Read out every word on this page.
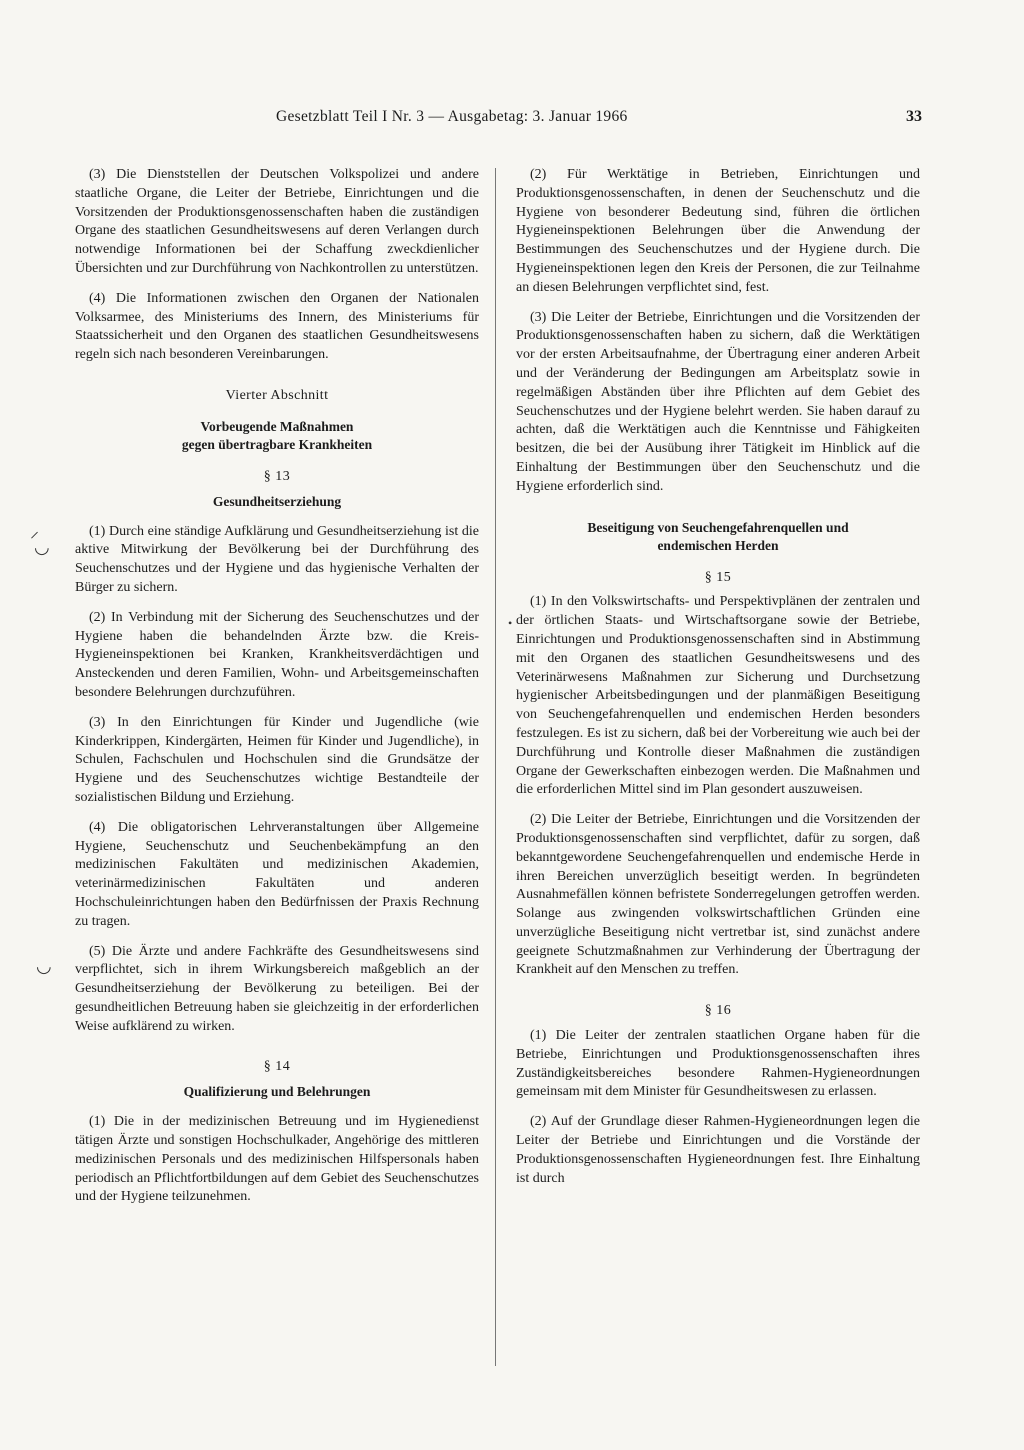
Gesetzblatt Teil I Nr. 3 — Ausgabetag: 3. Januar 1966	33
⸝
◡
◡
•

(3) Die Dienststellen der Deutschen Volkspolizei und andere staatliche Organe, die Leiter der Betriebe, Einrichtungen und die Vorsitzenden der Produktionsgenossenschaften haben die zuständigen Organe des staatlichen Gesundheitswesens auf deren Verlangen durch notwendige Informationen bei der Schaffung zweckdienlicher Übersichten und zur Durchführung von Nachkontrollen zu unterstützen.

(4) Die Informationen zwischen den Organen der Nationalen Volksarmee, des Ministeriums des Innern, des Ministeriums für Staatssicherheit und den Organen des staatlichen Gesundheitswesens regeln sich nach besonderen Vereinbarungen.

Vierter Abschnitt

Vorbeugende Maßnahmen
gegen übertragbare Krankheiten

§ 13

Gesundheitserziehung

(1) Durch eine ständige Aufklärung und Gesundheitserziehung ist die aktive Mitwirkung der Bevölkerung bei der Durchführung des Seuchenschutzes und der Hygiene und das hygienische Verhalten der Bürger zu sichern.

(2) In Verbindung mit der Sicherung des Seuchenschutzes und der Hygiene haben die behandelnden Ärzte bzw. die Kreis-Hygieneinspektionen bei Kranken, Krankheitsverdächtigen und Ansteckenden und deren Familien, Wohn- und Arbeitsgemeinschaften besondere Belehrungen durchzuführen.

(3) In den Einrichtungen für Kinder und Jugendliche (wie Kinderkrippen, Kindergärten, Heimen für Kinder und Jugendliche), in Schulen, Fachschulen und Hochschulen sind die Grundsätze der Hygiene und des Seuchenschutzes wichtige Bestandteile der sozialistischen Bildung und Erziehung.

(4) Die obligatorischen Lehrveranstaltungen über Allgemeine Hygiene, Seuchenschutz und Seuchenbekämpfung an den medizinischen Fakultäten und medizinischen Akademien, veterinärmedizinischen Fakultäten und anderen Hochschuleinrichtungen haben den Bedürfnissen der Praxis Rechnung zu tragen.

(5) Die Ärzte und andere Fachkräfte des Gesundheitswesens sind verpflichtet, sich in ihrem Wirkungsbereich maßgeblich an der Gesundheitserziehung der Bevölkerung zu beteiligen. Bei der gesundheitlichen Betreuung haben sie gleichzeitig in der erforderlichen Weise aufklärend zu wirken.

§ 14

Qualifizierung und Belehrungen

(1) Die in der medizinischen Betreuung und im Hygienedienst tätigen Ärzte und sonstigen Hochschulkader, Angehörige des mittleren medizinischen Personals und des medizinischen Hilfspersonals haben periodisch an Pflichtfortbildungen auf dem Gebiet des Seuchenschutzes und der Hygiene teilzunehmen.

(2) Für Werktätige in Betrieben, Einrichtungen und Produktionsgenossenschaften, in denen der Seuchenschutz und die Hygiene von besonderer Bedeutung sind, führen die örtlichen Hygieneinspektionen Belehrungen über die Anwendung der Bestimmungen des Seuchenschutzes und der Hygiene durch. Die Hygieneinspektionen legen den Kreis der Personen, die zur Teilnahme an diesen Belehrungen verpflichtet sind, fest.

(3) Die Leiter der Betriebe, Einrichtungen und die Vorsitzenden der Produktionsgenossenschaften haben zu sichern, daß die Werktätigen vor der ersten Arbeitsaufnahme, der Übertragung einer anderen Arbeit und der Veränderung der Bedingungen am Arbeitsplatz sowie in regelmäßigen Abständen über ihre Pflichten auf dem Gebiet des Seuchenschutzes und der Hygiene belehrt werden. Sie haben darauf zu achten, daß die Werktätigen auch die Kenntnisse und Fähigkeiten besitzen, die bei der Ausübung ihrer Tätigkeit im Hinblick auf die Einhaltung der Bestimmungen über den Seuchenschutz und die Hygiene erforderlich sind.

Beseitigung von Seuchengefahrenquellen und
endemischen Herden

§ 15

(1) In den Volkswirtschafts- und Perspektivplänen der zentralen und der örtlichen Staats- und Wirtschaftsorgane sowie der Betriebe, Einrichtungen und Produktionsgenossenschaften sind in Abstimmung mit den Organen des staatlichen Gesundheitswesens und des Veterinärwesens Maßnahmen zur Sicherung und Durchsetzung hygienischer Arbeitsbedingungen und der planmäßigen Beseitigung von Seuchengefahrenquellen und endemischen Herden besonders festzulegen. Es ist zu sichern, daß bei der Vorbereitung wie auch bei der Durchführung und Kontrolle dieser Maßnahmen die zuständigen Organe der Gewerkschaften einbezogen werden. Die Maßnahmen und die erforderlichen Mittel sind im Plan gesondert auszuweisen.

(2) Die Leiter der Betriebe, Einrichtungen und die Vorsitzenden der Produktionsgenossenschaften sind verpflichtet, dafür zu sorgen, daß bekanntgewordene Seuchengefahrenquellen und endemische Herde in ihren Bereichen unverzüglich beseitigt werden. In begründeten Ausnahmefällen können befristete Sonderregelungen getroffen werden. Solange aus zwingenden volkswirtschaftlichen Gründen eine unverzügliche Beseitigung nicht vertretbar ist, sind zunächst andere geeignete Schutzmaßnahmen zur Verhinderung der Übertragung der Krankheit auf den Menschen zu treffen.

§ 16

(1) Die Leiter der zentralen staatlichen Organe haben für die Betriebe, Einrichtungen und Produktionsgenossenschaften ihres Zuständigkeitsbereiches besondere Rahmen-Hygieneordnungen gemeinsam mit dem Minister für Gesundheitswesen zu erlassen.

(2) Auf der Grundlage dieser Rahmen-Hygieneordnungen legen die Leiter der Betriebe und Einrichtungen und die Vorstände der Produktionsgenossenschaften Hygieneordnungen fest. Ihre Einhaltung ist durch
